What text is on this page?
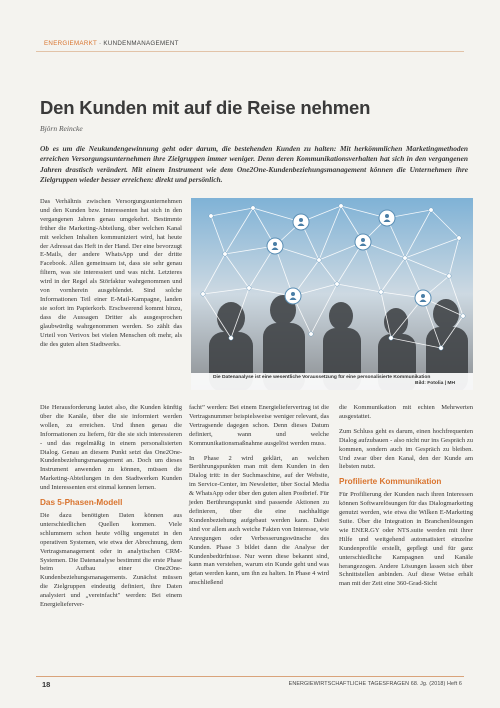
ENERGIEMARKT · KUNDENMANAGEMENT
Den Kunden mit auf die Reise nehmen
Björn Reincke

Ob es um die Neukundengewinnung geht oder darum, die bestehenden Kunden zu halten: Mit herkömmlichen Marketingmethoden erreichen Versorgungsunternehmen ihre Zielgruppen immer weniger. Denn deren Kommunikationsverhalten hat sich in den vergangenen Jahren drastisch verändert. Mit einem Instrument wie dem One2One-Kundenbeziehungsmanagement können die Unternehmen ihre Zielgruppen wieder besser erreichen: direkt und persönlich.

Das Verhältnis zwischen Versorgungsunternehmen und den Kunden bzw. Interessenten hat sich in den vergangenen Jahren genau umgekehrt. Bestimmte früher die Marketing-Abteilung, über welchen Kanal mit welchen Inhalten kommuniziert wird, hat heute der Adressat das Heft in der Hand. Der eine bevorzugt E-Mails, der andere WhatsApp und der dritte Facebook. Allen gemeinsam ist, dass sie sehr genau filtern, was sie interessiert und was nicht. Letzteres wird in der Regel als Störfaktur wahrgenommen und von vornherein ausgeblendet. Sind solche Informationen Teil einer E-Mail-Kampagne, landen sie sofort im Papierkorb. Erschwerend kommt hinzu, dass die Aussagen Dritter als ausgesprochen glaubwürdig wahrgenommen werden. So zählt das Urteil von Verivox bei vielen Menschen oft mehr, als die des guten alten Stadtwerks.

Die Datenanalyse ist eine wesentliche Voraussetzung für eine personalisierte Kommunikation
Bild: Fotolia | MH

Die Herausforderung lautet also, die Kunden künftig über die Kanäle, über die sie informiert werden wollen, zu erreichen. Und ihnen genau die Informationen zu liefern, für die sie sich interessieren - und das regelmäßig in einem personalisierten Dialog. Genau an diesem Punkt setzt das One2One-Kundenbeziehungsmanagement an. Doch um dieses Instrument anwenden zu können, müssen die Marketing-Abteilungen in den Stadtwerken Kunden und Interessenten erst einmal kennen lernen.

Das 5-Phasen-Modell

Die dazu benötigten Daten können aus unterschiedlichen Quellen kommen. Viele schlummern schon heute völlig ungenutzt in den operativen Systemen, wie etwa der Abrechnung, dem Vertragsmanagement oder in analytischen CRM-Systemen. Die Datenanalyse bestimmt die erste Phase beim Aufbau einer One2One-Kundenbeziehungsmanagements. Zunächst müssen die Zielgruppen eindeutig definiert, ihre Daten analysiert und „vereinfacht" werden: Bei einem Energielieferver-

fachtˮ werden: Bei einem Energieliefervertrag ist die Vertragsnummer beispielsweise weniger relevant, das Vertragsende dagegen schon. Denn dieses Datum definiert, wann und welche Kommunikationsmaßnahme ausgelöst werden muss.

In Phase 2 wird geklärt, an welchen Berührungspunkten man mit dem Kunden in den Dialog tritt: in der Suchmaschine, auf der Website, im Service-Center, im Newsletter, über Social Media & WhatsApp oder über den guten alten Postbrief. Für jeden Berührungspunkt sind passende Aktionen zu definieren, über die eine nachhaltige Kundenbeziehung aufgebaut werden kann. Dabei sind vor allem auch weiche Fakten von Interesse, wie Anregungen oder Verbesserungswünsche des Kunden. Phase 3 bildet dann die Analyse der Kundenbedürfnisse. Nur wenn diese bekannt sind, kann man verstehen, warum ein Kunde geht und was getan werden kann, um ihn zu halten. In Phase 4 wird anschließend

die Kommunikation mit echten Mehrwerten ausgestattet.

Zum Schluss geht es darum, einen hochfrequenten Dialog aufzubauen - also nicht nur ins Gespräch zu kommen, sondern auch im Gespräch zu bleiben. Und zwar über den Kanal, den der Kunde am liebsten nutzt.

Profilierte Kommunikation

Für Profilierung der Kunden nach ihren Interessen können Softwarelösungen für das Dialogmarketing genutzt werden, wie etwa die Wilken E-Marketing Suite. Über die Integration in Branchenlösungen wie ENER.GY oder NTS.suite werden mit ihrer Hilfe und weitgehend automatisiert einzelne Kundenprofile erstellt, gepflegt und für ganz unterschiedliche Kampagnen und Kanäle herangezogen. Andere Lösungen lassen sich über Schnittstellen anbinden. Auf diese Weise erhält man mit der Zeit eine 360-Grad-Sicht

18	ENERGIEWIRTSCHAFTLICHE TAGESFRAGEN 68. Jg. (2018) Heft 6
